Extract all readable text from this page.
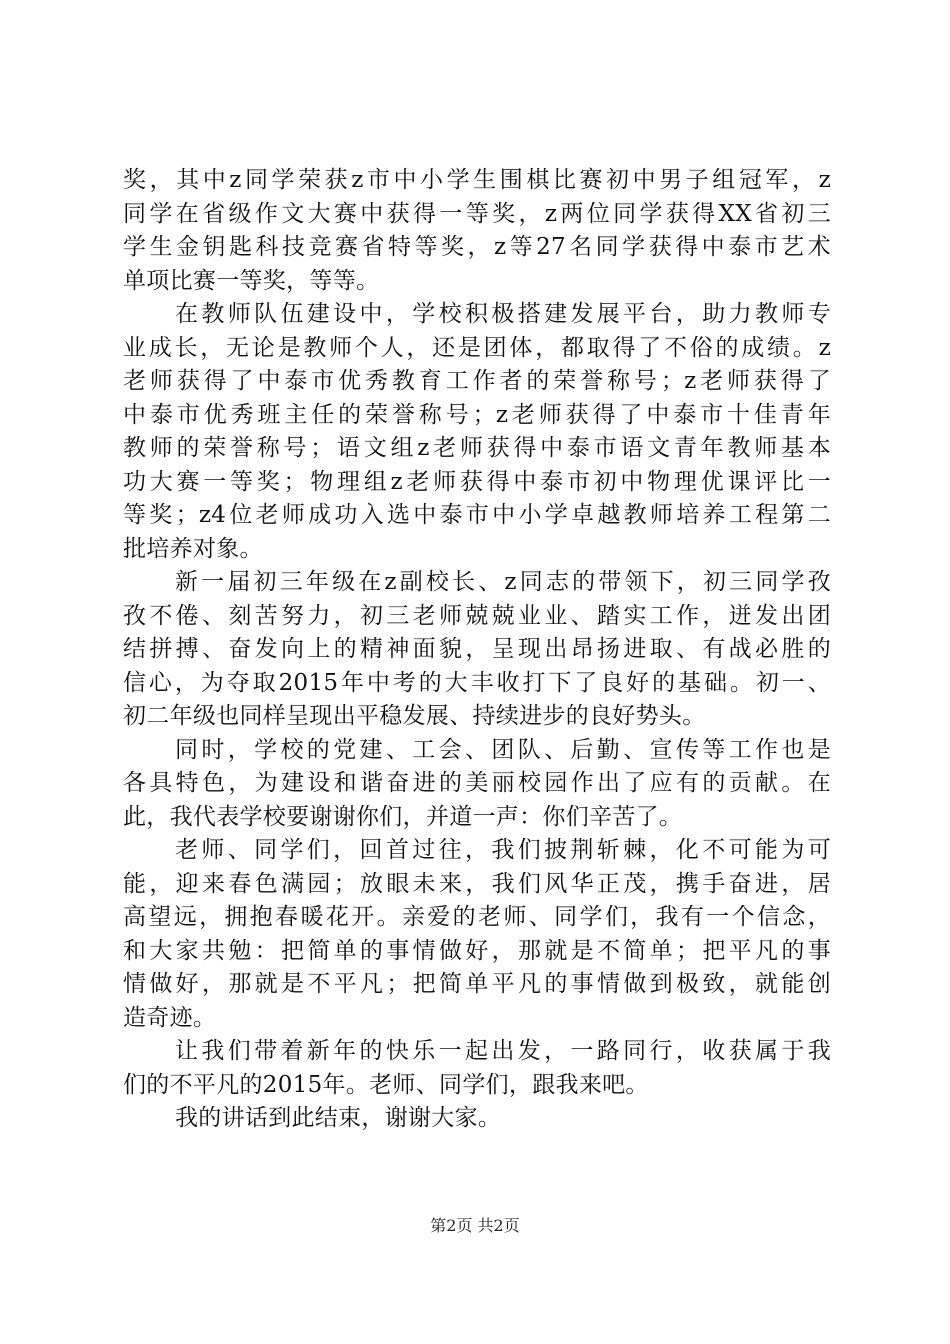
奖，其中z同学荣获z市中小学生围棋比赛初中男子组冠军，z
同学在省级作文大赛中获得一等奖，z两位同学获得XX省初三
学生金钥匙科技竞赛省特等奖，z等27名同学获得中泰市艺术
单项比赛一等奖，等等。
在教师队伍建设中，学校积极搭建发展平台，助力教师专
业成长，无论是教师个人，还是团体，都取得了不俗的成绩。z
老师获得了中泰市优秀教育工作者的荣誉称号；z老师获得了
中泰市优秀班主任的荣誉称号；z老师获得了中泰市十佳青年
教师的荣誉称号；语文组z老师获得中泰市语文青年教师基本
功大赛一等奖；物理组z老师获得中泰市初中物理优课评比一
等奖；z4位老师成功入选中泰市中小学卓越教师培养工程第二
批培养对象。
新一届初三年级在z副校长、z同志的带领下，初三同学孜
孜不倦、刻苦努力，初三老师兢兢业业、踏实工作，迸发出团
结拼搏、奋发向上的精神面貌，呈现出昂扬进取、有战必胜的
信心，为夺取2015年中考的大丰收打下了良好的基础。初一、
初二年级也同样呈现出平稳发展、持续进步的良好势头。
同时，学校的党建、工会、团队、后勤、宣传等工作也是
各具特色，为建设和谐奋进的美丽校园作出了应有的贡献。在
此，我代表学校要谢谢你们，并道一声：你们辛苦了。
老师、同学们，回首过往，我们披荆斩棘，化不可能为可
能，迎来春色满园；放眼未来，我们风华正茂，携手奋进，居
高望远，拥抱春暖花开。亲爱的老师、同学们，我有一个信念，
和大家共勉：把简单的事情做好，那就是不简单；把平凡的事
情做好，那就是不平凡；把简单平凡的事情做到极致，就能创
造奇迹。
让我们带着新年的快乐一起出发，一路同行，收获属于我
们的不平凡的2015年。老师、同学们，跟我来吧。
我的讲话到此结束，谢谢大家。
第2页 共2页
